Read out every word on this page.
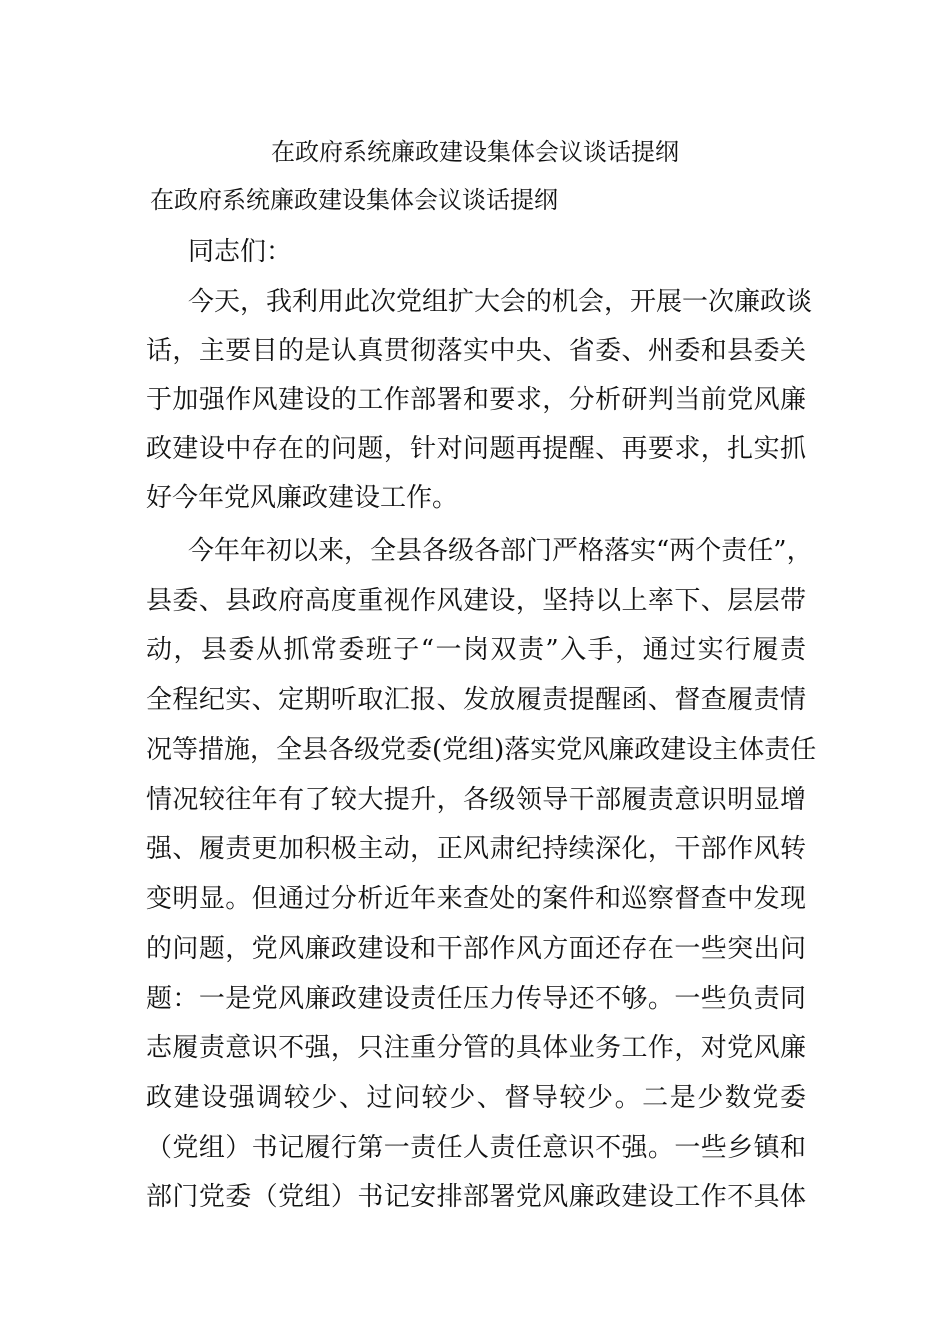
在政府系统廉政建设集体会议谈话提纲
在政府系统廉政建设集体会议谈话提纲
同志们：
今天，我利用此次党组扩大会的机会，开展一次廉政谈
话，主要目的是认真贯彻落实中央、省委、州委和县委关
于加强作风建设的工作部署和要求，分析研判当前党风廉
政建设中存在的问题，针对问题再提醒、再要求，扎实抓
好今年党风廉政建设工作。
今年年初以来，全县各级各部门严格落实“两个责任”，
县委、县政府高度重视作风建设，坚持以上率下、层层带
动，县委从抓常委班子“一岗双责”入手，通过实行履责
全程纪实、定期听取汇报、发放履责提醒函、督查履责情
况等措施，全县各级党委(党组)落实党风廉政建设主体责任
情况较往年有了较大提升，各级领导干部履责意识明显增
强、履责更加积极主动，正风肃纪持续深化，干部作风转
变明显。但通过分析近年来查处的案件和巡察督查中发现
的问题，党风廉政建设和干部作风方面还存在一些突出问
题：一是党风廉政建设责任压力传导还不够。一些负责同
志履责意识不强，只注重分管的具体业务工作，对党风廉
政建设强调较少、过问较少、督导较少。二是少数党委
（党组）书记履行第一责任人责任意识不强。一些乡镇和
部门党委（党组）书记安排部署党风廉政建设工作不具体
